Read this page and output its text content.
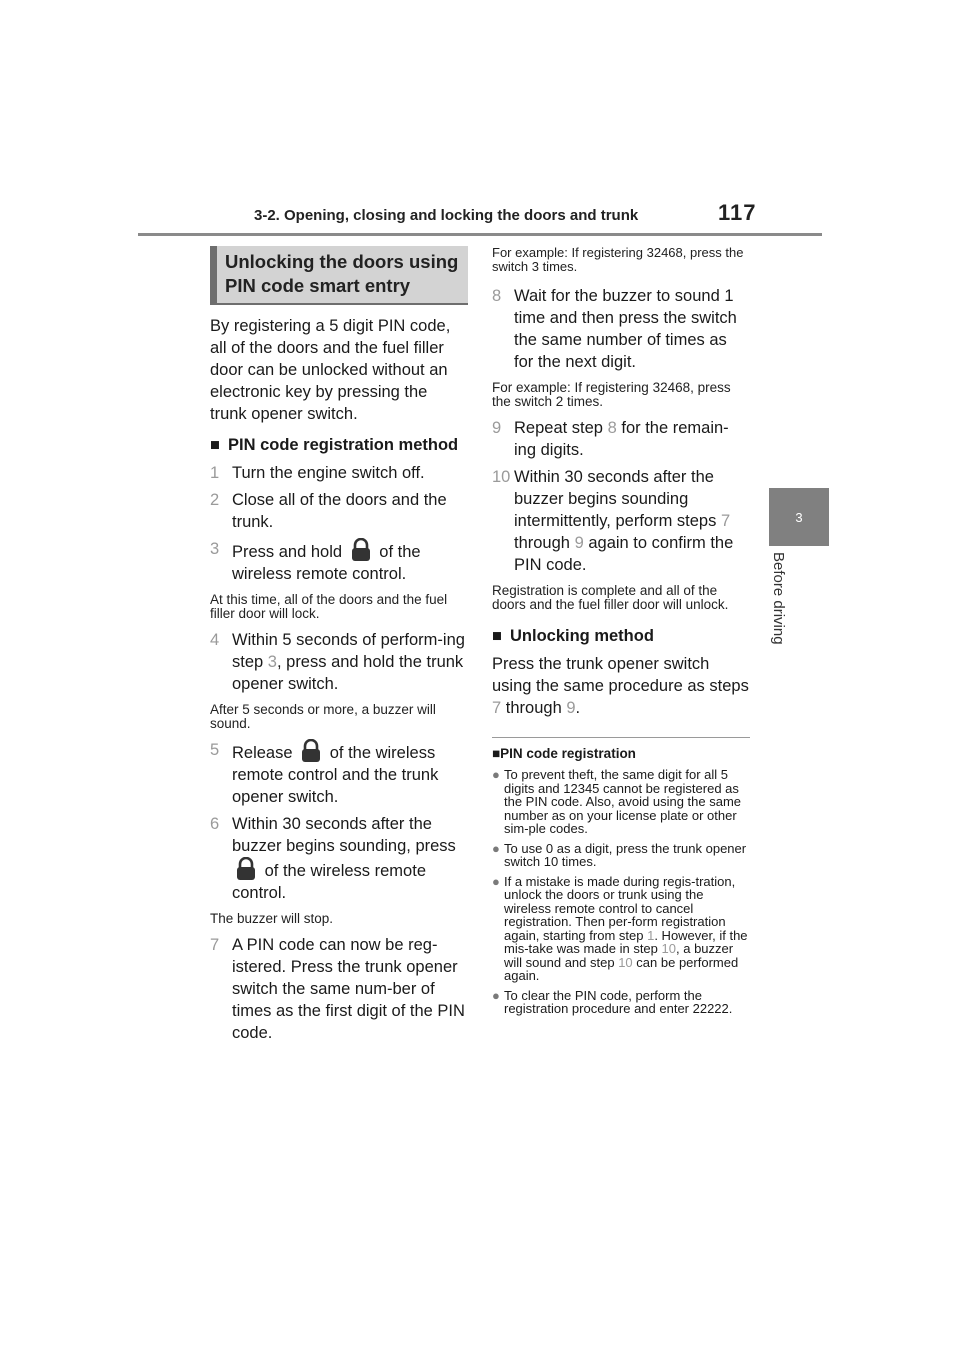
3-2. Opening, closing and locking the doors and trunk	117
3
Before driving
Unlocking the doors using PIN code smart entry
By registering a 5 digit PIN code, all of the doors and the fuel filler door can be unlocked without an electronic key by pressing the trunk opener switch.
■ PIN code registration method
1 Turn the engine switch off.
2 Close all of the doors and the trunk.
3 Press and hold of the wireless remote control.
At this time, all of the doors and the fuel filler door will lock.
4 Within 5 seconds of perform-ing step 3, press and hold the trunk opener switch.
After 5 seconds or more, a buzzer will sound.
5 Release of the wireless remote control and the trunk opener switch.
6 Within 30 seconds after the buzzer begins sounding, press  of the wireless remote control.
The buzzer will stop.
7 A PIN code can now be reg-istered. Press the trunk opener switch the same num-ber of times as the first digit of the PIN code.
For example: If registering 32468, press the switch 3 times.
8 Wait for the buzzer to sound 1 time and then press the switch the same number of times as for the next digit.
For example: If registering 32468, press the switch 2 times.
9 Repeat step 8 for the remain-ing digits.
10 Within 30 seconds after the buzzer begins sounding intermittently, perform steps 7 through 9 again to confirm the PIN code.
Registration is complete and all of the doors and the fuel filler door will unlock.
■ Unlocking method
Press the trunk opener switch using the same procedure as steps 7 through 9.
■PIN code registration
● To prevent theft, the same digit for all 5 digits and 12345 cannot be registered as the PIN code. Also, avoid using the same number as on your license plate or other sim-ple codes.
● To use 0 as a digit, press the trunk opener switch 10 times.
● If a mistake is made during regis-tration, unlock the doors or trunk using the wireless remote control to cancel registration. Then per-form registration again, starting from step 1. However, if the mis-take was made in step 10, a buzzer will sound and step 10 can be performed again.
● To clear the PIN code, perform the registration procedure and enter 22222.
